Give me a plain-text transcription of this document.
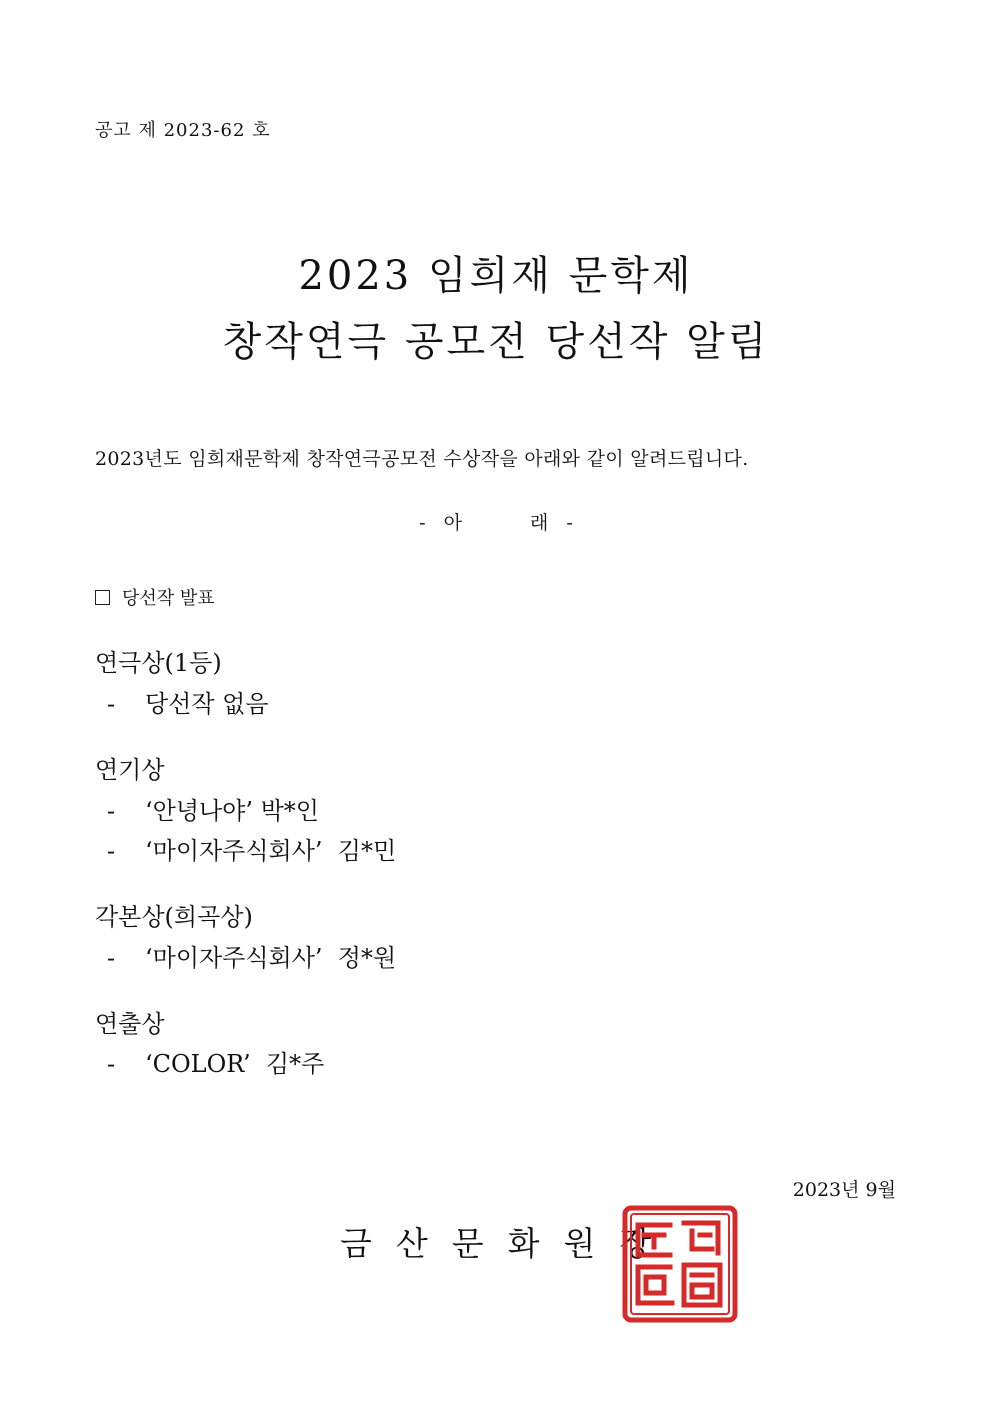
공고 제 2023-62 호
2023 임희재 문학제
창작연극 공모전 당선작 알림
2023년도 임희재문학제 창작연극공모전 수상작을 아래와 같이 알려드립니다.
- 아	래 -
당선작 발표
연극상(1등)
- 당선작 없음
연기상
- ‘안녕나야’ 박*인
- ‘마이자주식회사’  김*민
각본상(희곡상)
- ‘마이자주식회사’  정*원
연출상
- ‘COLOR’  김*주
2023년 9월
금산문화원장
